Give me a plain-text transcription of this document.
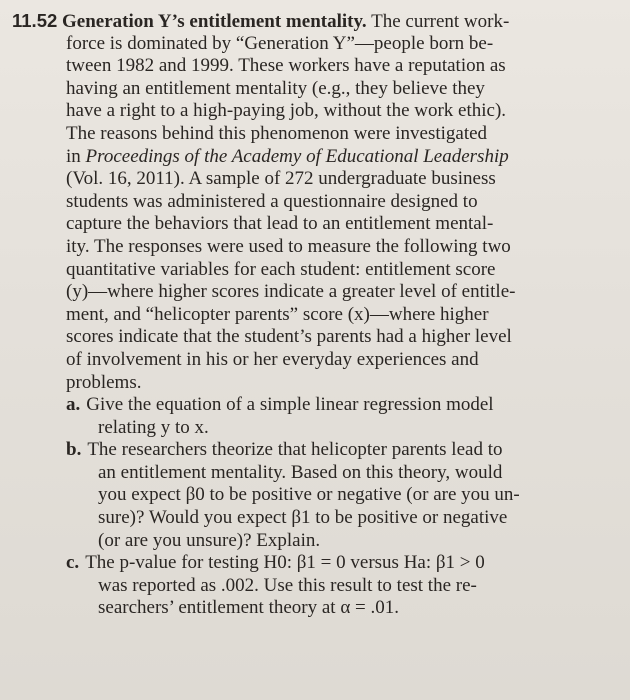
11.52 Generation Y’s entitlement mentality. The current work-
force is dominated by “Generation Y”—people born be-
tween 1982 and 1999. These workers have a reputation as
having an entitlement mentality (e.g., they believe they
have a right to a high-paying job, without the work ethic).
The reasons behind this phenomenon were investigated
in Proceedings of the Academy of Educational Leadership
(Vol. 16, 2011). A sample of 272 undergraduate business
students was administered a questionnaire designed to
capture the behaviors that lead to an entitlement mental-
ity. The responses were used to measure the following two
quantitative variables for each student: entitlement score
(y)—where higher scores indicate a greater level of entitle-
ment, and “helicopter parents” score (x)—where higher
scores indicate that the student’s parents had a higher level
of involvement in his or her everyday experiences and
problems.
a. Give the equation of a simple linear regression model
relating y to x.
b. The researchers theorize that helicopter parents lead to
an entitlement mentality. Based on this theory, would
you expect β0 to be positive or negative (or are you un-
sure)? Would you expect β1 to be positive or negative
(or are you unsure)? Explain.
c. The p-value for testing H0: β1 = 0 versus Ha: β1 > 0
was reported as .002. Use this result to test the re-
searchers’ entitlement theory at α = .01.
